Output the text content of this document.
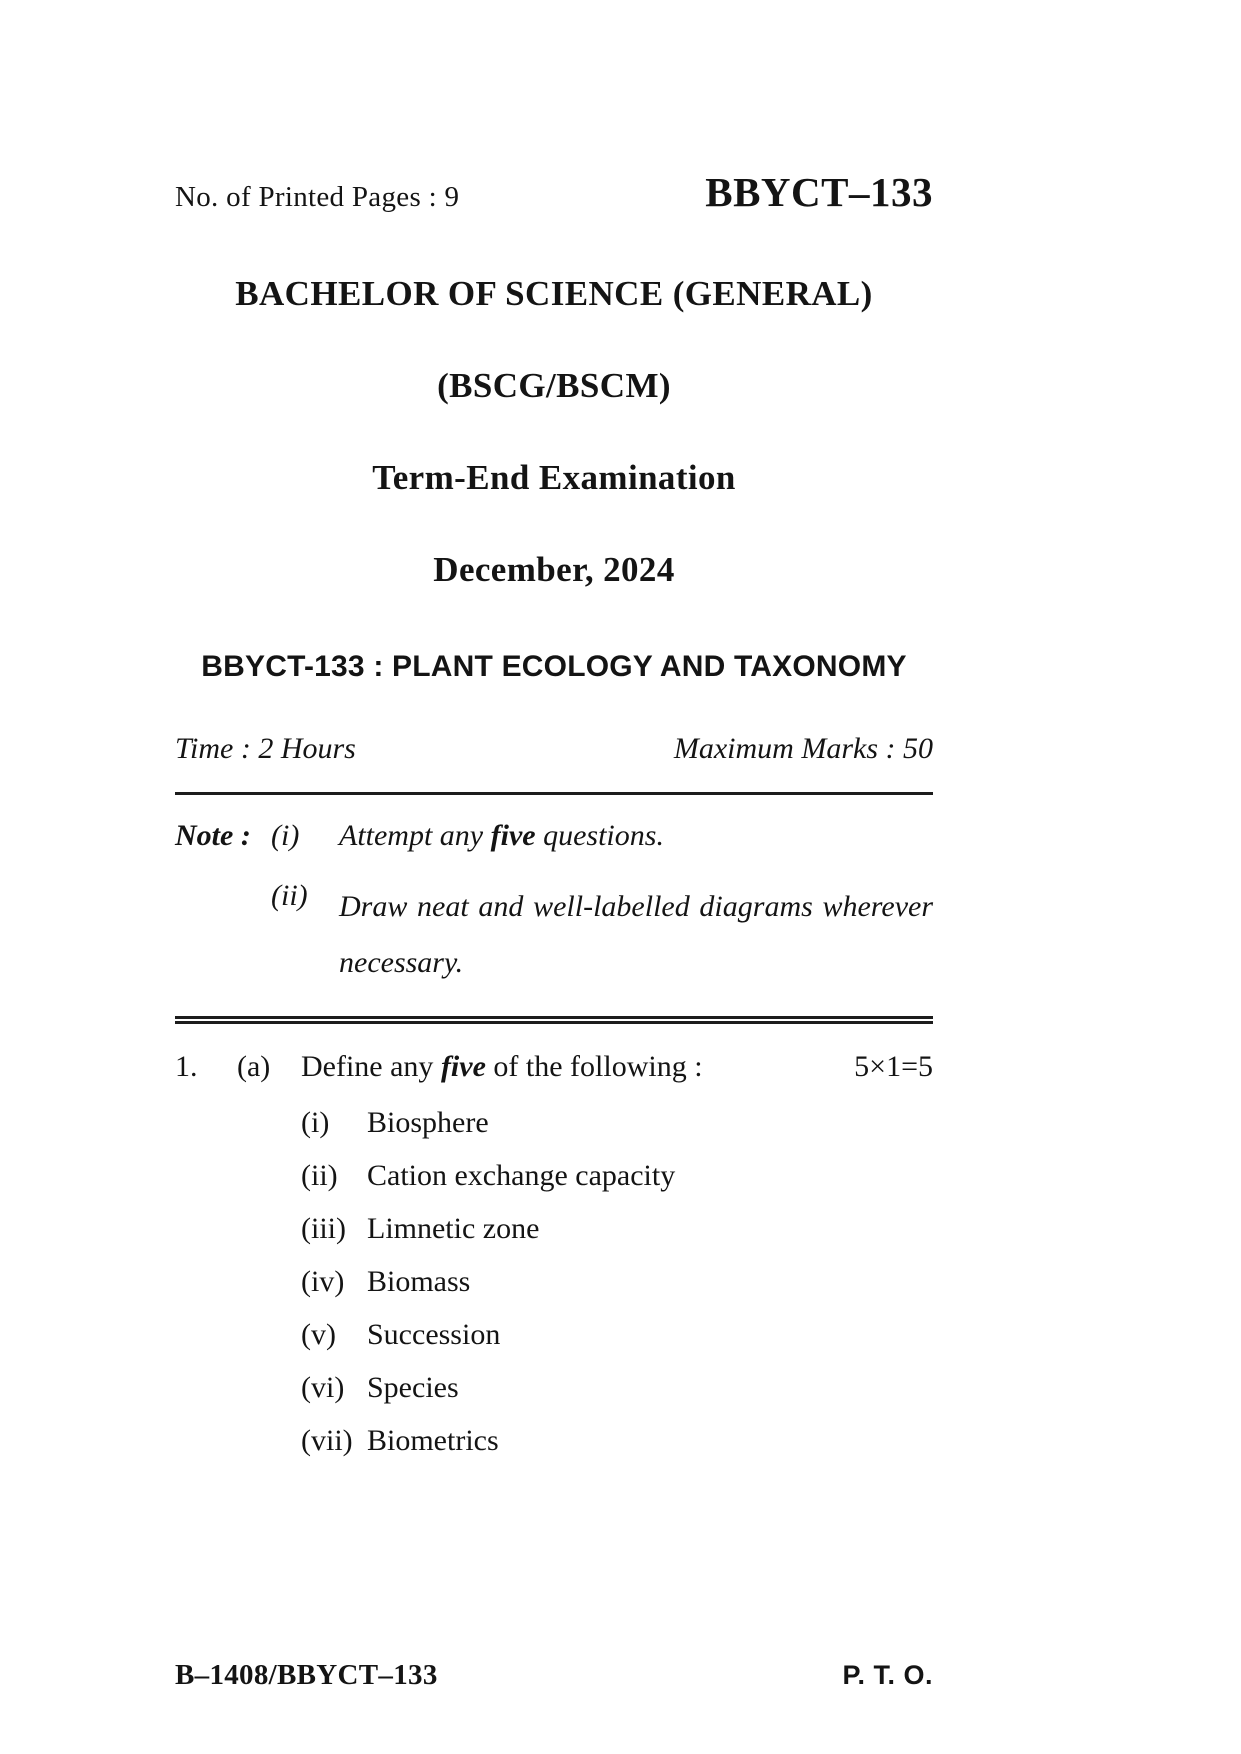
No. of Printed Pages : 9	BBYCT–133
BACHELOR OF SCIENCE (GENERAL)
(BSCG/BSCM)
Term-End Examination
December, 2024
BBYCT-133 : PLANT ECOLOGY AND TAXONOMY
Time : 2 Hours	Maximum Marks : 50
Note : (i)	Attempt any five questions.
(ii)	Draw neat and well-labelled diagrams wherever necessary.
1.	(a)	Define any five of the following :	5×1=5
(i)	Biosphere
(ii) Cation exchange capacity
(iii) Limnetic zone
(iv) Biomass
(v)	Succession
(vi) Species
(vii) Biometrics
B–1408/BBYCT–133	P. T. O.
